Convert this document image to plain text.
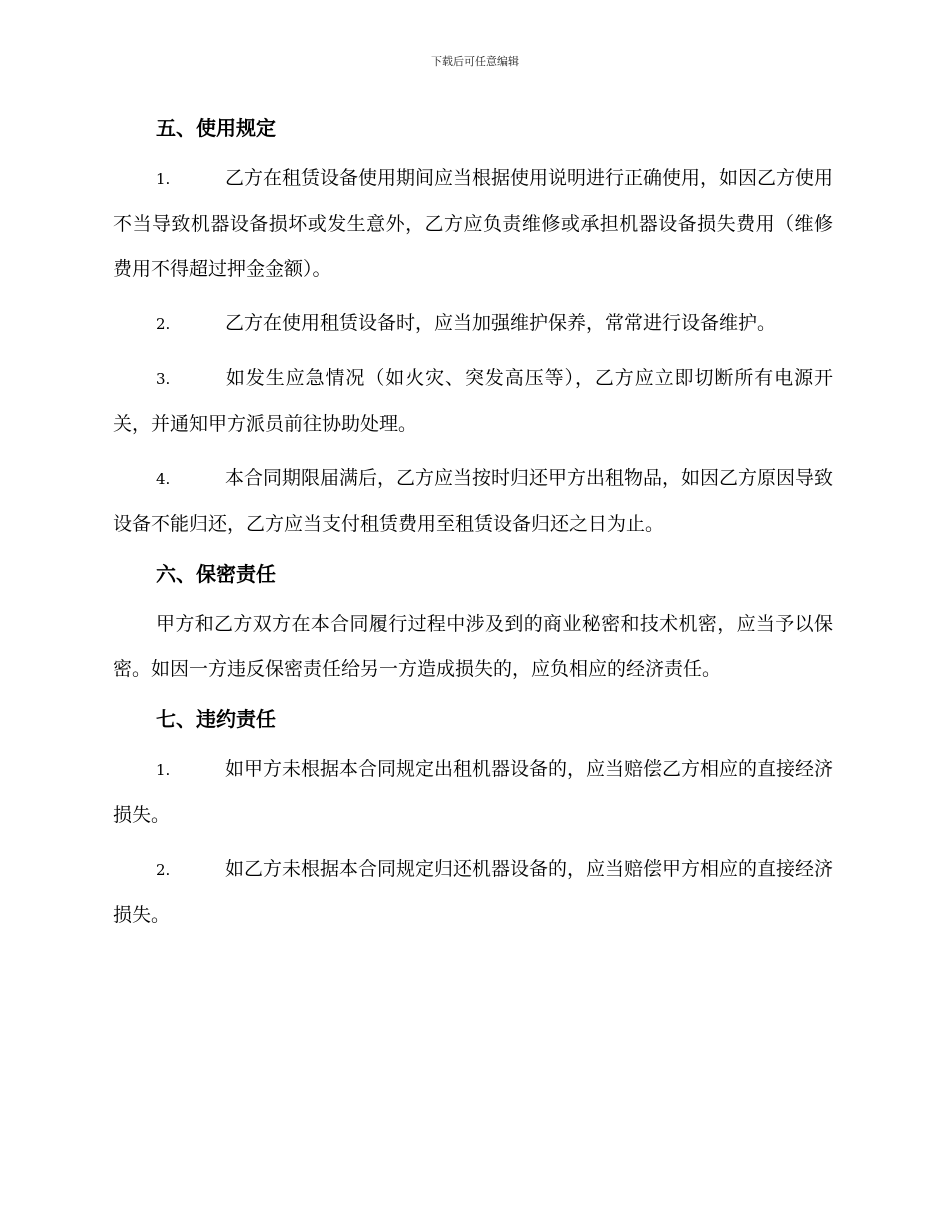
下载后可任意编辑
五、使用规定
1.	乙方在租赁设备使用期间应当根据使用说明进行正确使用，如因乙方使用不当导致机器设备损坏或发生意外，乙方应负责维修或承担机器设备损失费用（维修费用不得超过押金金额）。
2.	乙方在使用租赁设备时，应当加强维护保养，常常进行设备维护。
3.	如发生应急情况（如火灾、突发高压等），乙方应立即切断所有电源开关，并通知甲方派员前往协助处理。
4.	本合同期限届满后，乙方应当按时归还甲方出租物品，如因乙方原因导致设备不能归还，乙方应当支付租赁费用至租赁设备归还之日为止。
六、保密责任
甲方和乙方双方在本合同履行过程中涉及到的商业秘密和技术机密，应当予以保密。如因一方违反保密责任给另一方造成损失的，应负相应的经济责任。
七、违约责任
1.	如甲方未根据本合同规定出租机器设备的，应当赔偿乙方相应的直接经济损失。
2.	如乙方未根据本合同规定归还机器设备的，应当赔偿甲方相应的直接经济损失。
